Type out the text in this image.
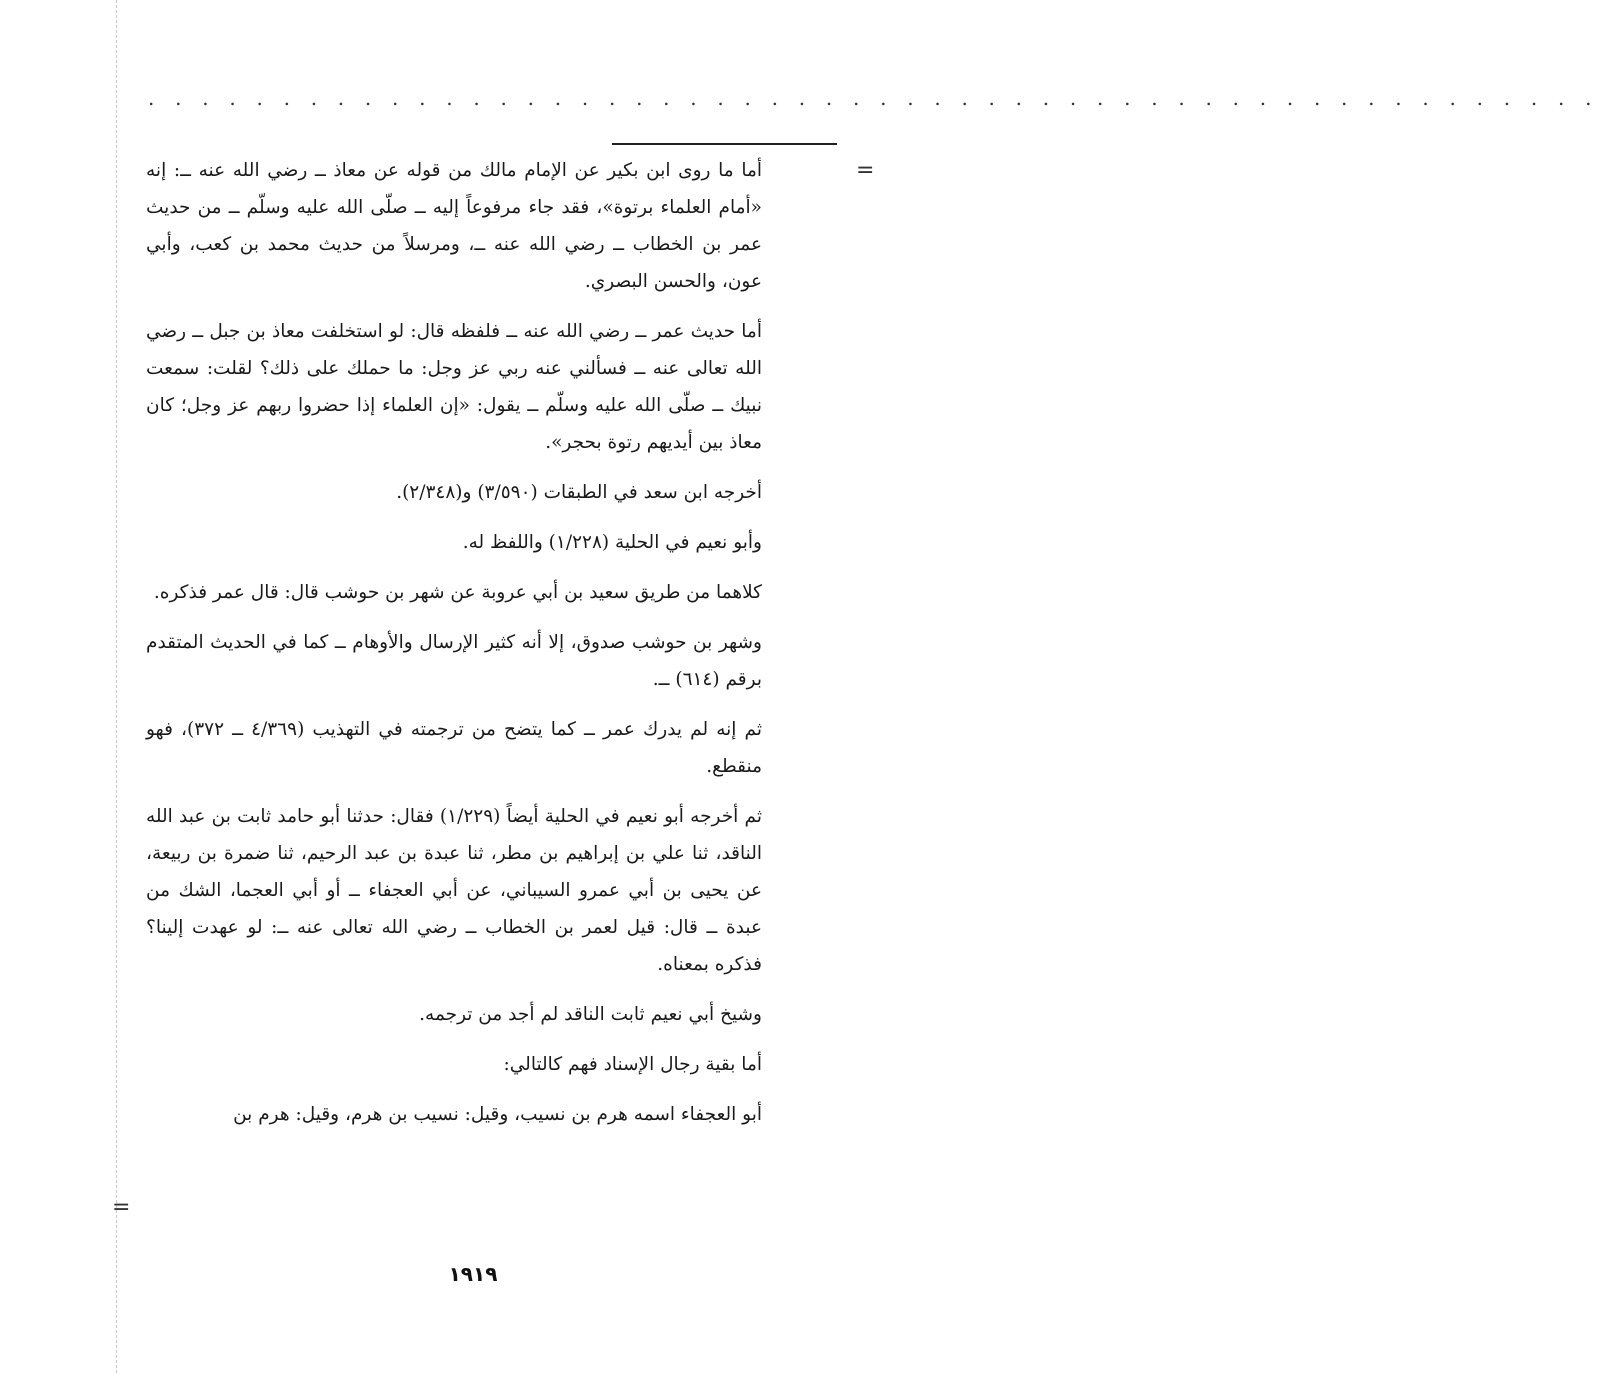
. . . . . . . . . . . . . . . . . . . . . . . . . . . . . . . . . . . . . . . . . . . . . . . . . . . . . .
=

أما ما روى ابن بكير عن الإمام مالك من قوله عن معاذ ــ رضي الله عنه ــ: إنه «أمام العلماء برتوة»، فقد جاء مرفوعاً إليه ــ صلّى الله عليه وسلّم ــ من حديث عمر بن الخطاب ــ رضي الله عنه ــ، ومرسلاً من حديث محمد بن كعب، وأبي عون، والحسن البصري.

أما حديث عمر ــ رضي الله عنه ــ فلفظه قال: لو استخلفت معاذ بن جبل ــ رضي الله تعالى عنه ــ فسألني عنه ربي عز وجل: ما حملك على ذلك؟ لقلت: سمعت نبيك ــ صلّى الله عليه وسلّم ــ يقول: «إن العلماء إذا حضروا ربهم عز وجل؛ كان معاذ بين أيديهم رتوة بحجر».

أخرجه ابن سعد في الطبقات (٣/٥٩٠) و(٢/٣٤٨).

وأبو نعيم في الحلية (١/٢٢٨) واللفظ له.

كلاهما من طريق سعيد بن أبي عروبة عن شهر بن حوشب قال: قال عمر فذكره.

وشهر بن حوشب صدوق، إلا أنه كثير الإرسال والأوهام ــ كما في الحديث المتقدم برقم (٦١٤) ــ.

ثم إنه لم يدرك عمر ــ كما يتضح من ترجمته في التهذيب (٤/٣٦٩ ــ ٣٧٢)، فهو منقطع.

ثم أخرجه أبو نعيم في الحلية أيضاً (١/٢٢٩) فقال: حدثنا أبو حامد ثابت بن عبد الله الناقد، ثنا علي بن إبراهيم بن مطر، ثنا عبدة بن عبد الرحيم، ثنا ضمرة بن ربيعة، عن يحيى بن أبي عمرو السيباني، عن أبي العجفاء ــ أو أبي العجما، الشك من عبدة ــ قال: قيل لعمر بن الخطاب ــ رضي الله تعالى عنه ــ: لو عهدت إلينا؟ فذكره بمعناه.

وشيخ أبي نعيم ثابت الناقد لم أجد من ترجمه.

أما بقية رجال الإسناد فهم كالتالي:

أبو العجفاء اسمه هرم بن نسيب، وقيل: نسيب بن هرم، وقيل: هرم بن

=
١٩١٩
